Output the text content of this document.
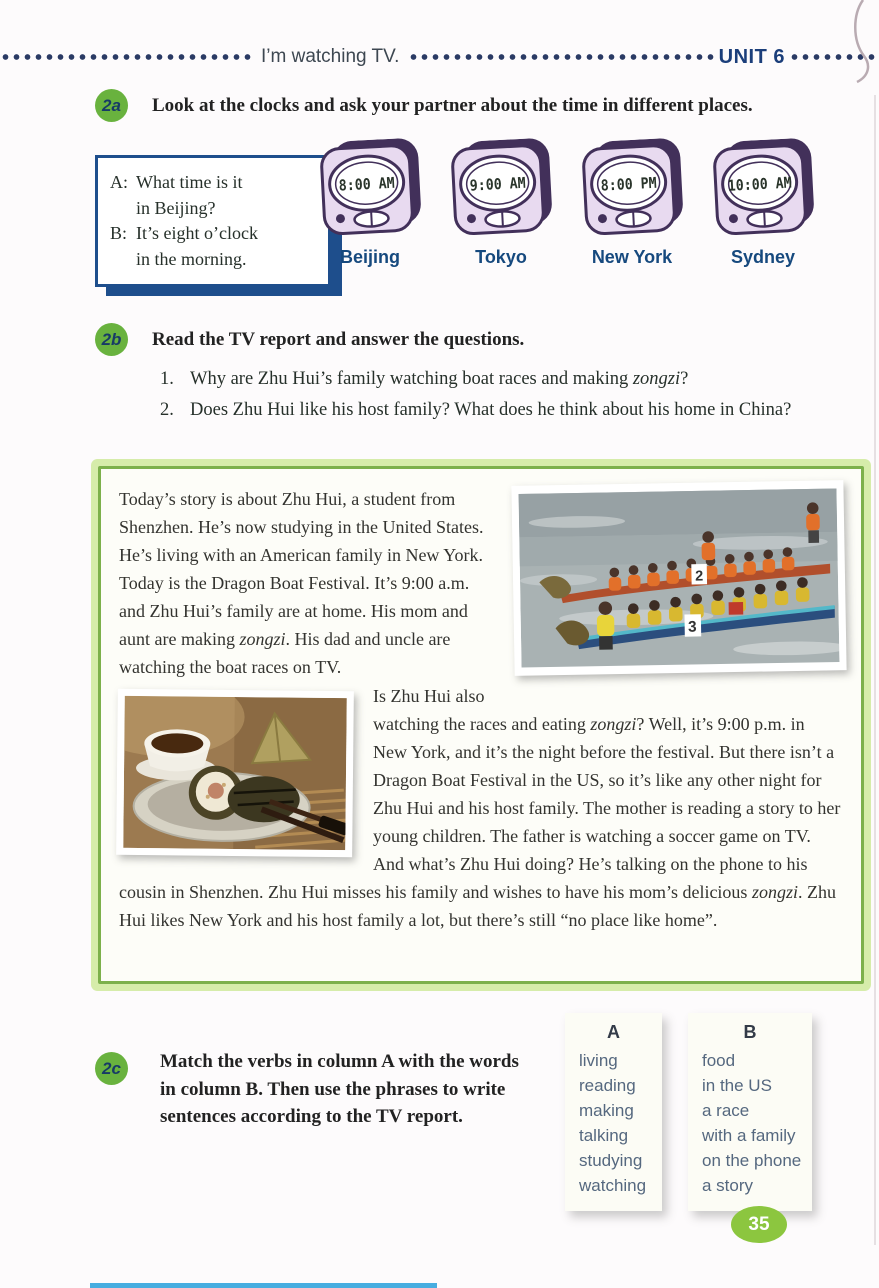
I’m watching TV.	UNIT 6
2a	Look at the clocks and ask your partner about the time in different places.
A: What time is it
in Beijing?
B: It’s eight o’clock
in the morning.
8:00 AM
Beijing
9:00 AM
Tokyo
8:00 PM
New York
10:00 AM
Sydney
2b	Read the TV report and answer the questions.
1. Why are Zhu Hui’s family watching boat races and making zongzi?
2. Does Zhu Hui like his host family? What does he think about his home in China?
2
3

Today’s story is about Zhu Hui, a student from Shenzhen. He’s now studying in the United States. He’s living with an American family in New York. Today is the Dragon Boat Festival. It’s 9:00 a.m. and Zhu Hui’s family are at home. His mom and aunt are making zongzi. His dad and uncle are watching the boat races on TV.

Is Zhu Hui also watching the races and eating zongzi? Well, it’s 9:00 p.m. in New York, and it’s the night before the festival. But there isn’t a Dragon Boat Festival in the US, so it’s like any other night for Zhu Hui and his host family. The mother is reading a story to her young children. The father is watching a soccer game on TV. And what’s Zhu Hui doing? He’s talking on the phone to his cousin in Shenzhen. Zhu Hui misses his family and wishes to have his mom’s delicious zongzi. Zhu Hui likes New York and his host family a lot, but there’s still “no place like home”.

2c	Match the verbs in column A with the words in column B. Then use the phrases to write sentences according to the TV report.
A
living
reading
making
talking
studying
watching
B
food
in the US
a race
with a family
on the phone
a story
35
